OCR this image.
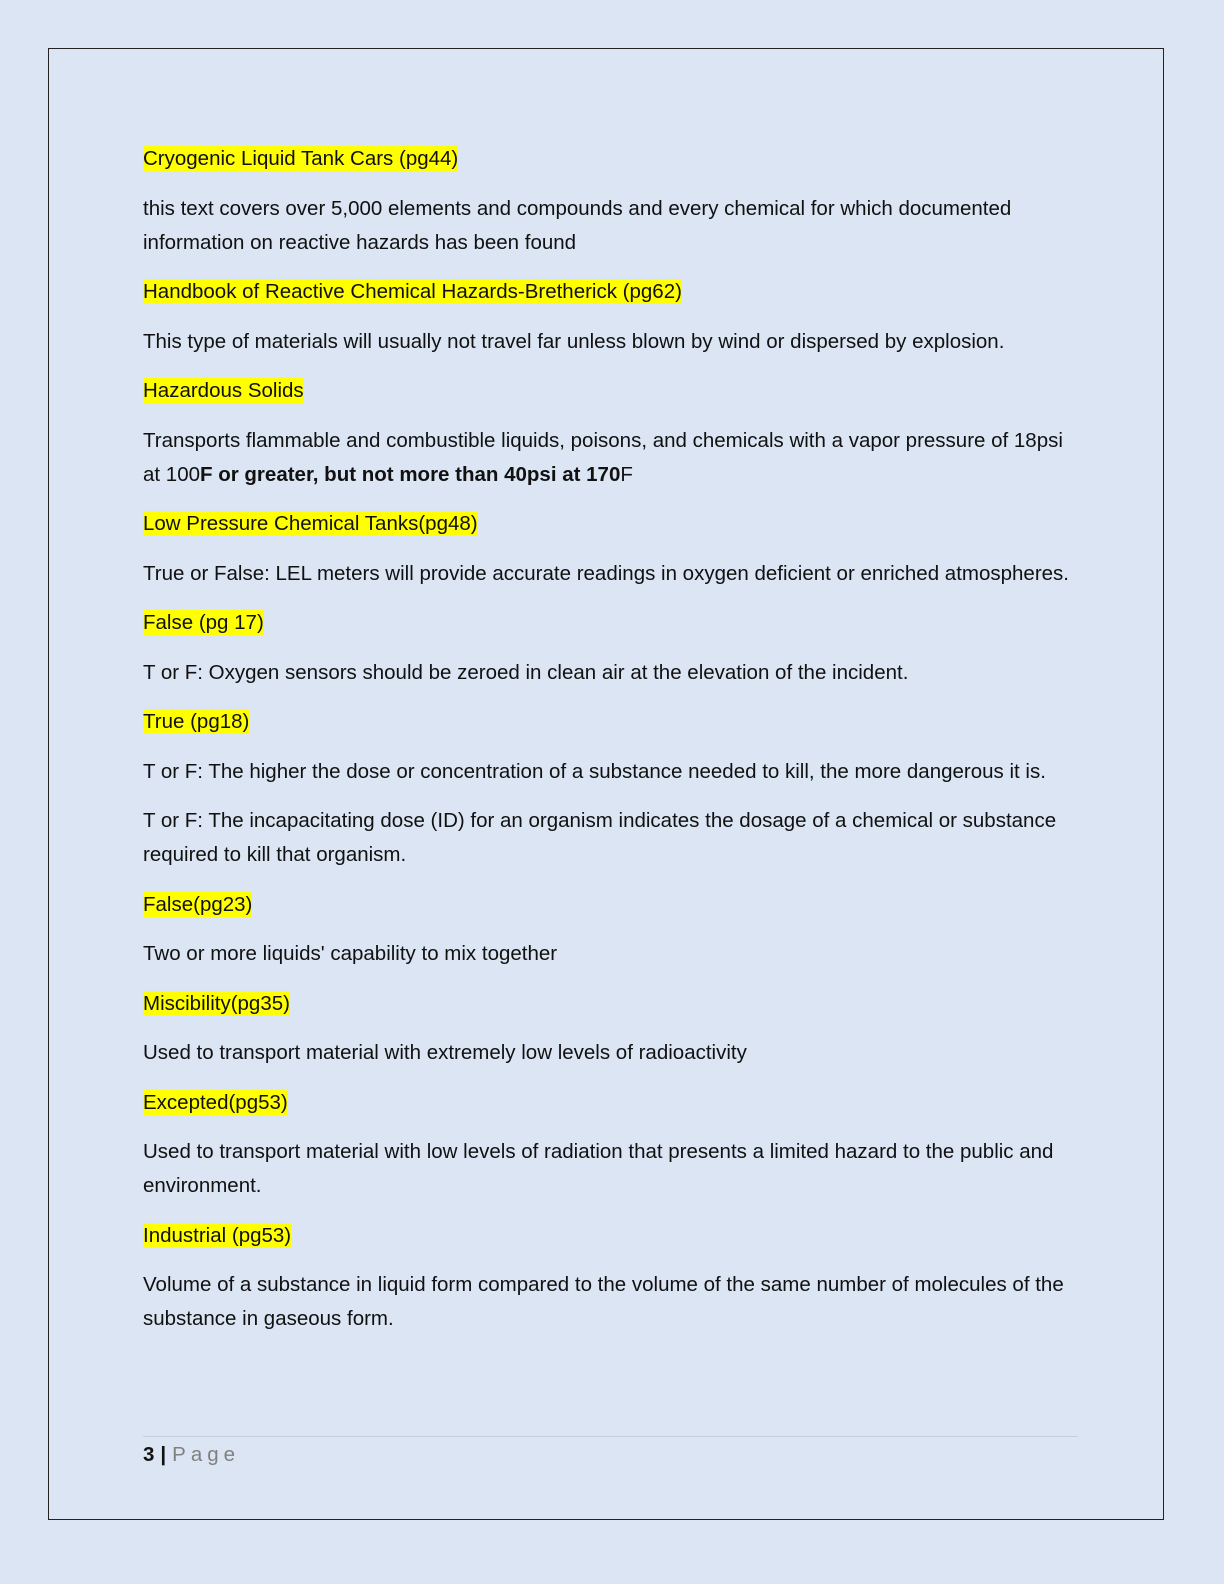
Cryogenic Liquid Tank Cars (pg44)

this text covers over 5,000 elements and compounds and every chemical for which documented information on reactive hazards has been found

Handbook of Reactive Chemical Hazards-Bretherick (pg62)

This type of materials will usually not travel far unless blown by wind or dispersed by explosion.

Hazardous Solids

Transports flammable and combustible liquids, poisons, and chemicals with a vapor pressure of 18psi at 100F or greater, but not more than 40psi at 170F

Low Pressure Chemical Tanks(pg48)

True or False: LEL meters will provide accurate readings in oxygen deficient or enriched atmospheres.

False (pg 17)

T or F: Oxygen sensors should be zeroed in clean air at the elevation of the incident.

True (pg18)

T or F: The higher the dose or concentration of a substance needed to kill, the more dangerous it is.

T or F: The incapacitating dose (ID) for an organism indicates the dosage of a chemical or substance required to kill that organism.

False(pg23)

Two or more liquids' capability to mix together

Miscibility(pg35)

Used to transport material with extremely low levels of radioactivity

Excepted(pg53)

Used to transport material with low levels of radiation that presents a limited hazard to the public and environment.

Industrial (pg53)

Volume of a substance in liquid form compared to the volume of the same number of molecules of the substance in gaseous form.

3 | Page
